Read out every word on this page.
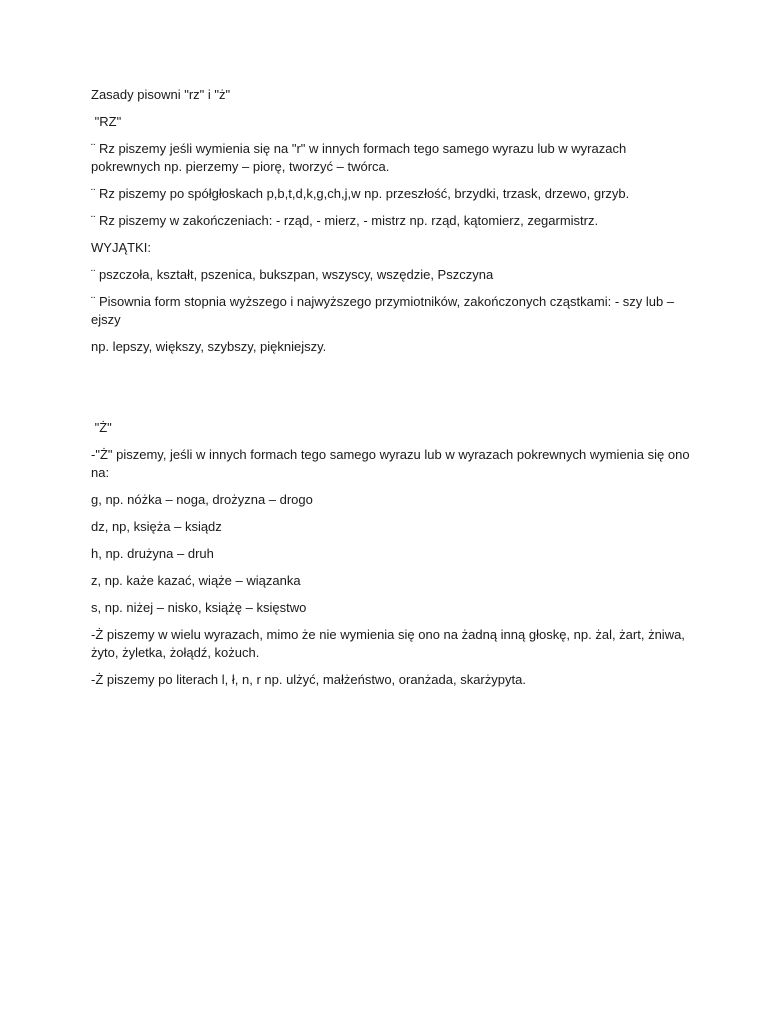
Zasady pisowni "rz" i "ż"

"RZ"

¨ Rz piszemy jeśli wymienia się na "r" w innych formach tego samego wyrazu lub w wyrazach pokrewnych np. pierzemy – piorę, tworzyć – twórca.

¨ Rz piszemy po spółgłoskach p,b,t,d,k,g,ch,j,w np. przeszłość, brzydki, trzask, drzewo, grzyb.

¨ Rz piszemy w zakończeniach: - rząd, - mierz, - mistrz np. rząd, kątomierz, zegarmistrz.

WYJĄTKI:

¨ pszczoła, kształt, pszenica, bukszpan, wszyscy, wszędzie, Pszczyna

¨ Pisownia form stopnia wyższego i najwyższego przymiotników, zakończonych cząstkami: - szy lub – ejszy

np. lepszy, większy, szybszy, piękniejszy.

"Ż"

-"Ż" piszemy, jeśli w innych formach tego samego wyrazu lub w wyrazach pokrewnych wymienia się ono na:

g, np. nóżka – noga, drożyzna – drogo

dz, np, księża – ksiądz

h, np. drużyna – druh

z, np. każe kazać, wiąże – wiązanka

s, np. niżej – nisko, książę – księstwo

-Ż piszemy w wielu wyrazach, mimo że nie wymienia się ono na żadną inną głoskę, np. żal, żart, żniwa, żyto, żyletka, żołądź, kożuch.

-Ż piszemy po literach l, ł, n, r np. ulżyć, małżeństwo, oranżada, skarżypyta.
